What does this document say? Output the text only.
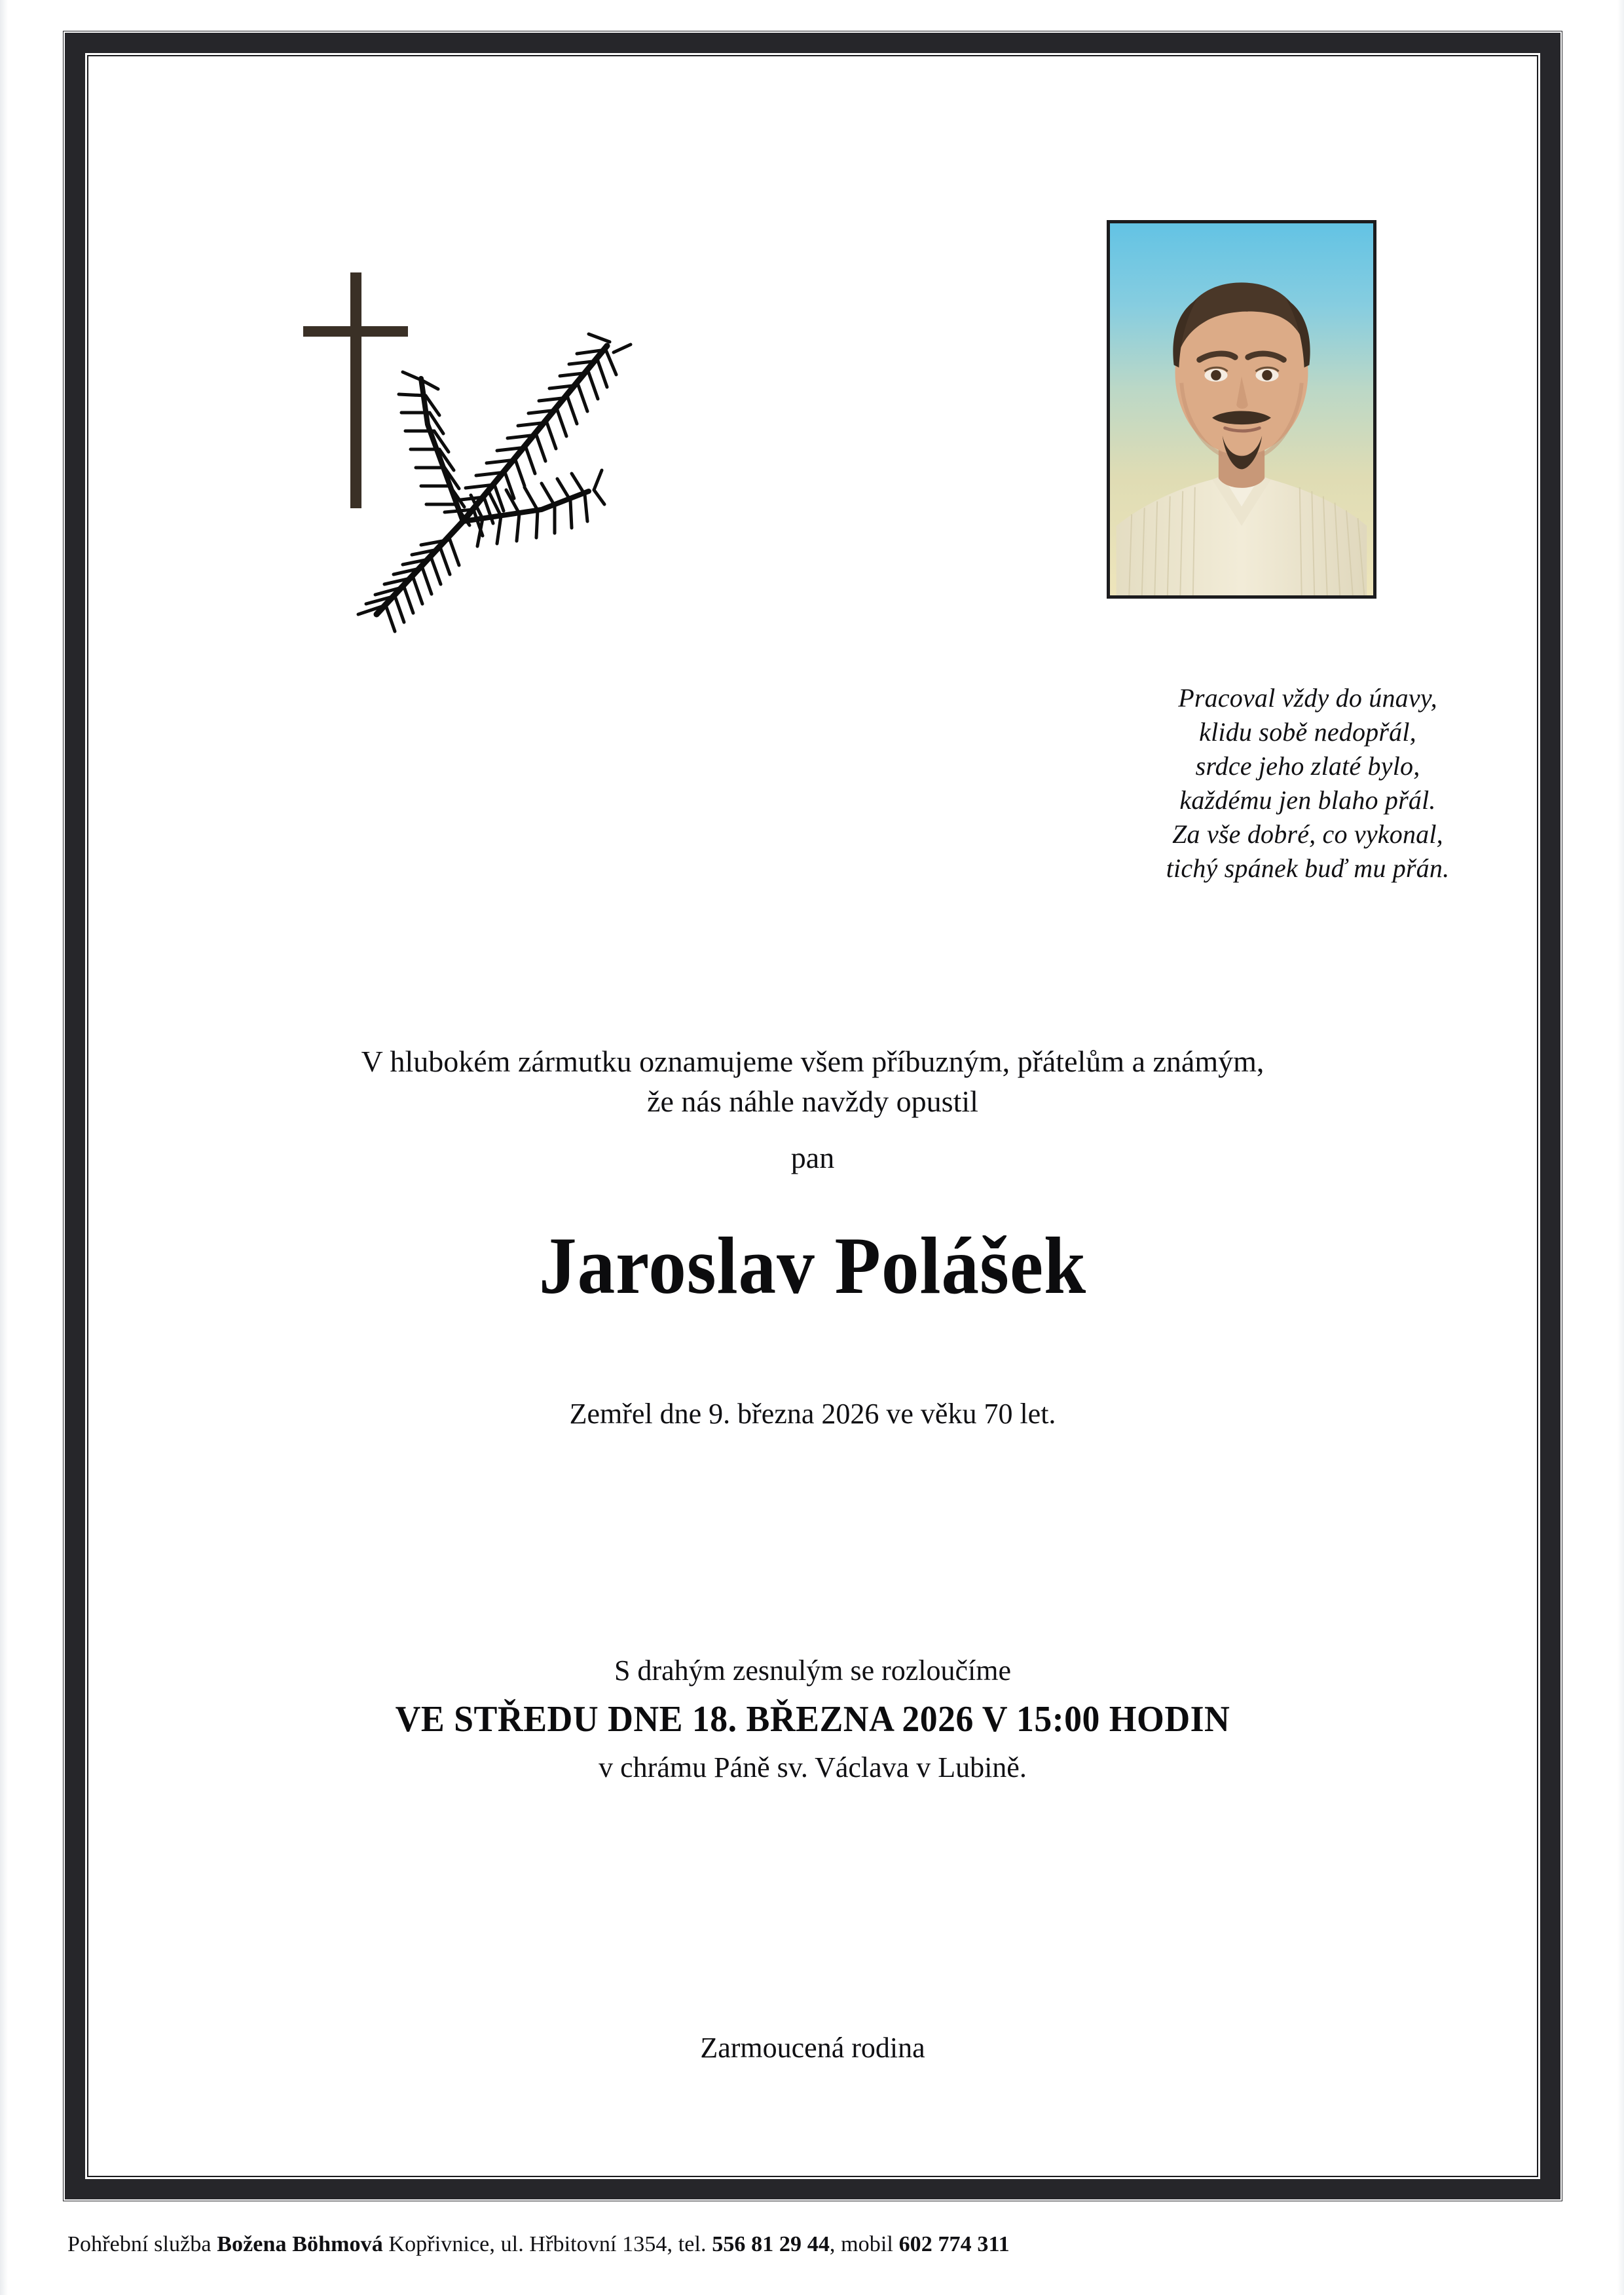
Pracoval vždy do únavy,
klidu sobě nedopřál,
srdce jeho zlaté bylo,
každému jen blaho přál.
Za vše dobré, co vykonal,
tichý spánek buď mu přán.
V hlubokém zármutku oznamujeme všem příbuzným, přátelům a známým,
že nás náhle navždy opustil
pan
Jaroslav Polášek
Zemřel dne 9. března 2026 ve věku 70 let.
S drahým zesnulým se rozloučíme
VE STŘEDU DNE 18. BŘEZNA 2026 V 15:00 HODIN
v chrámu Páně sv. Václava v Lubině.
Zarmoucená rodina
Pohřební služba Božena Böhmová Kopřivnice, ul. Hřbitovní 1354, tel. 556 81 29 44, mobil 602 774 311
